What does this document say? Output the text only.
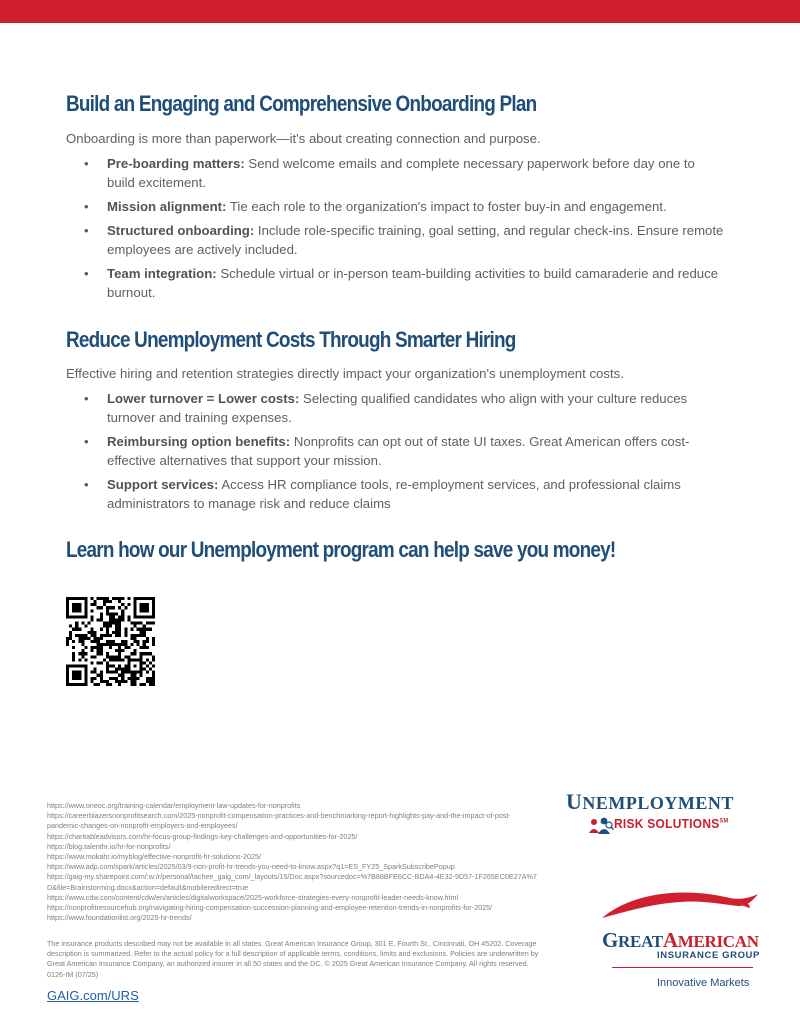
Build an Engaging and Comprehensive Onboarding Plan
Onboarding is more than paperwork—it's about creating connection and purpose.
• Pre-boarding matters: Send welcome emails and complete necessary paperwork before day one to build excitement.
• Mission alignment: Tie each role to the organization's impact to foster buy-in and engagement.
• Structured onboarding: Include role-specific training, goal setting, and regular check-ins. Ensure remote employees are actively included.
• Team integration: Schedule virtual or in-person team-building activities to build camaraderie and reduce burnout.
Reduce Unemployment Costs Through Smarter Hiring
Effective hiring and retention strategies directly impact your organization's unemployment costs.
• Lower turnover = Lower costs: Selecting qualified candidates who align with your culture reduces turnover and training expenses.
• Reimbursing option benefits: Nonprofits can opt out of state UI taxes. Great American offers cost-effective alternatives that support your mission.
• Support services: Access HR compliance tools, re-employment services, and professional claims administrators to manage risk and reduce claims
Learn how our Unemployment program can help save you money!
https://www.oneoc.org/training-calendar/employment-law-updates-for-nonprofits
https://careerblazersnonprofitsearch.com/2025-nonprofit-compensation-practices-and-benchmarking-report-highlights-pay-and-the-impact-of-post-pandemic-changes-on-nonprofit-employers-and-employees/
https://charitableadvisors.com/hr-focus-group-findings-key-challenges-and-opportunities-for-2025/
https://blog.talenthr.io/hr-for-nonprofits/
https://www.mokahr.io/myblog/effective-nonprofit-hr-solutions-2025/
https://www.adp.com/spark/articles/2025/03/9-non-profit-hr-trends-you-need-to-know.aspx?q1=ES_FY25_SparkSubscribePopup
https://gaig-my.sharepoint.com/:w:/r/personal/tachee_gaig_com/_layouts/15/Doc.aspx?sourcedoc=%7B88BFE6CC-BDA4-4E32-9D57-1F265EC0E27A%7D&file=Brainstorming.docx&action=default&mobileredirect=true
https://www.cdw.com/content/cdw/en/articles/digitalworkspace/2025-workforce-strategies-every-nonprofit-leader-needs-know.html
https://nonprofitresourcehub.org/navigating-hiring-compensation-succession-planning-and-employee-retention-trends-in-nonprofits-for-2025/
https://www.foundationlist.org/2025-hr-trends/
The insurance products described may not be available in all states. Great American Insurance Group, 301 E. Fourth St., Cincinnati, OH 45202. Coverage description is summarized. Refer to the actual policy for a full description of applicable terms, conditions, limits and exclusions. Policies are underwritten by Great American Insurance Company, an authorized insurer in all 50 states and the DC. © 2025 Great American Insurance Company. All rights reserved. 0126-IM (07/25)
GAIG.com/URS
UNEMPLOYMENT
RISK SOLUTIONS℠
GREATAMERICAN
INSURANCE GROUP
Innovative Markets
